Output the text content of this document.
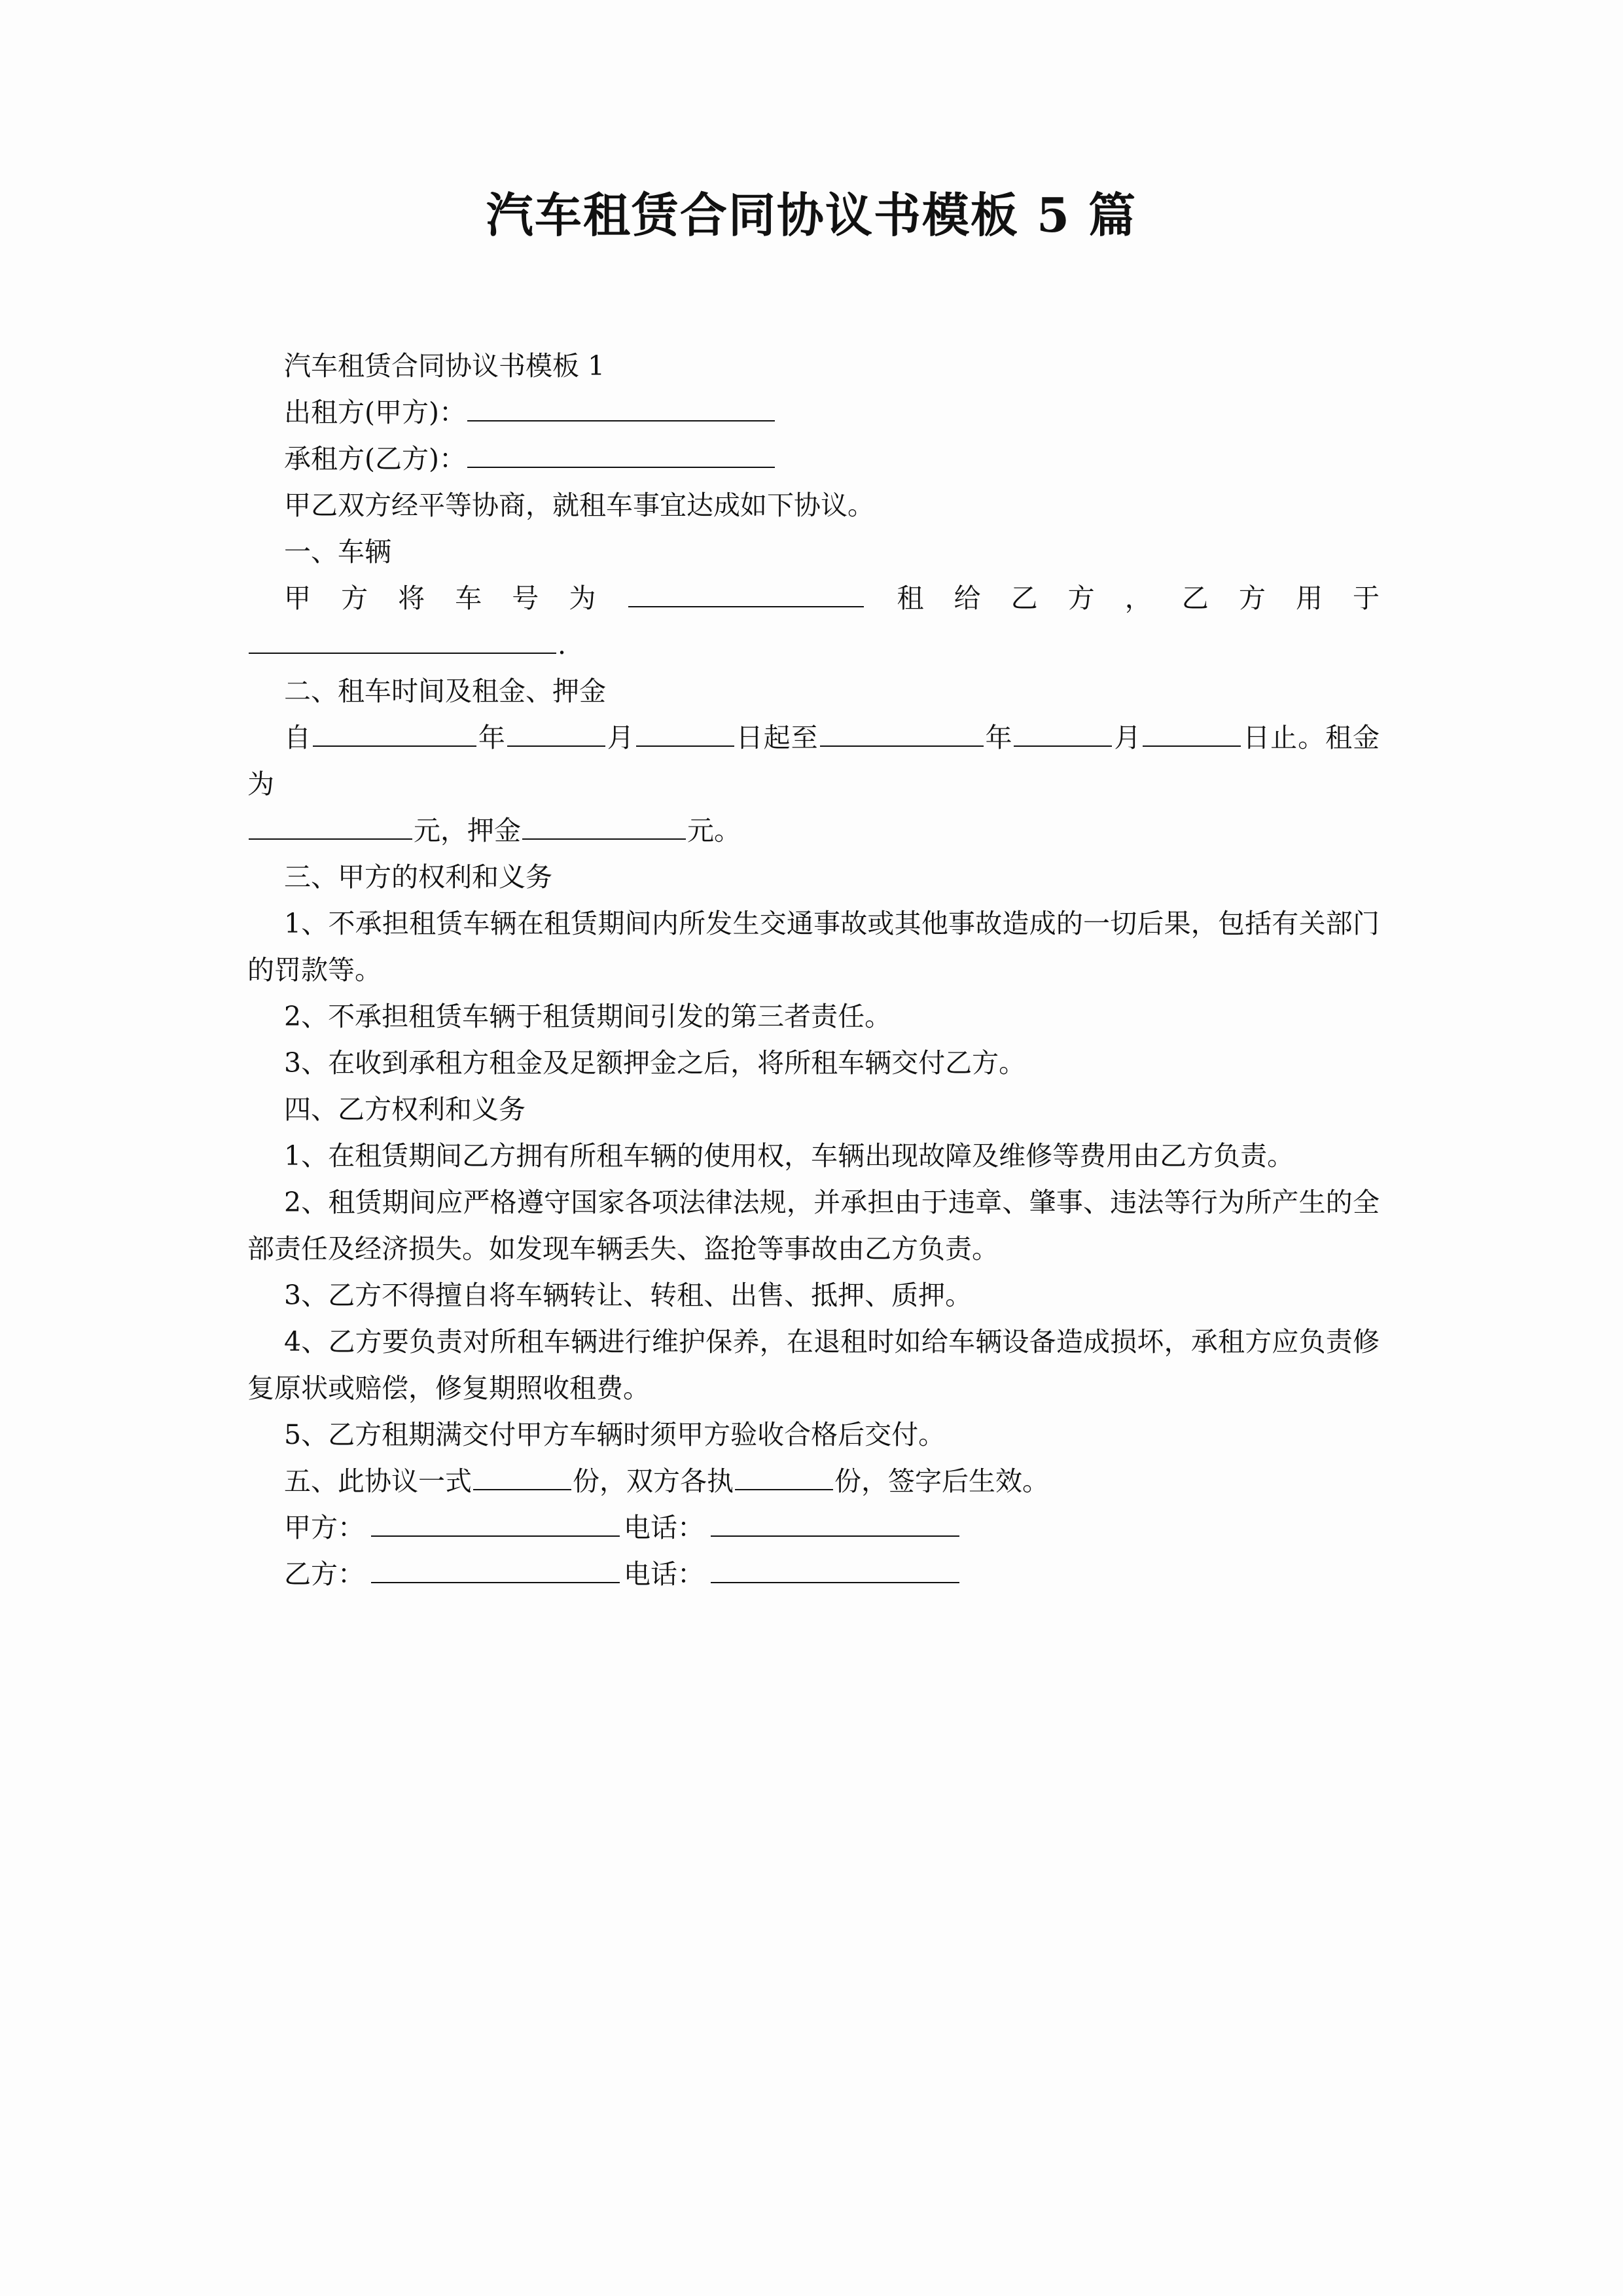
汽车租赁合同协议书模板 5 篇

汽车租赁合同协议书模板 1

出租方(甲方)：

承租方(乙方)：

甲乙双方经平等协商，就租车事宜达成如下协议。

一、车辆

甲方将车号为	租给乙方，乙方用于

.

二、租车时间及租金、押金

自	年	月	日起至	年	月	日止。租金为

元，押金	元。

三、甲方的权利和义务

1、不承担租赁车辆在租赁期间内所发生交通事故或其他事故造成的一切后果，包括有关部门的罚款等。

2、不承担租赁车辆于租赁期间引发的第三者责任。

3、在收到承租方租金及足额押金之后，将所租车辆交付乙方。

四、乙方权利和义务

1、在租赁期间乙方拥有所租车辆的使用权，车辆出现故障及维修等费用由乙方负责。

2、租赁期间应严格遵守国家各项法律法规，并承担由于违章、肇事、违法等行为所产生的全部责任及经济损失。如发现车辆丢失、盗抢等事故由乙方负责。

3、乙方不得擅自将车辆转让、转租、出售、抵押、质押。

4、乙方要负责对所租车辆进行维护保养，在退租时如给车辆设备造成损坏，承租方应负责修复原状或赔偿，修复期照收租费。

5、乙方租期满交付甲方车辆时须甲方验收合格后交付。

五、此协议一式	份，双方各执	份，签字后生效。

甲方：	电话：

乙方：	电话：
